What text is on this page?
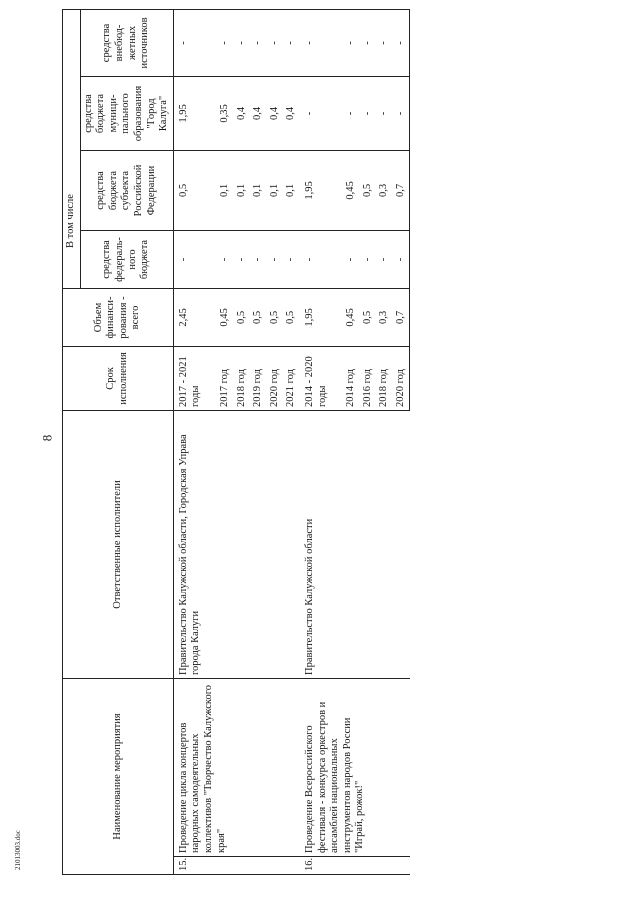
8
21013003.doc
Наименование мероприятия		Ответственные исполнители	Срок исполнения	Объем финанси-рования - всего	В том числе			
					средства федераль-ного бюджета	средства бюджета субъекта Российской Федерации	средства бюджета муници-пального образования "Город Калуга"	средства внебюд-жетных источников
15.	Проведение цикла концертов народных самодеятельных коллективов "Творчество Калужского края"	Правительство Калужской области, Городская Управа города Калуги	2017 - 2021 годы	2,45	-	0,5	1,95	-
			2017 год	0,45	-	0,1	0,35	-
			2018 год	0,5	-	0,1	0,4	-
			2019 год	0,5	-	0,1	0,4	-
			2020 год	0,5	-	0,1	0,4	-
			2021 год	0,5	-	0,1	0,4	-
16.	Проведение Всероссийского фестиваля - конкурса оркестров и ансамблей национальных инструментов народов России "Играй, рожок!"	Правительство Калужской области	2014 - 2020 годы	1,95	-	1,95	-	-
			2014 год	0,45	-	0,45	-	-
			2016 год	0,5	-	0,5	-	-
			2018 год	0,3	-	0,3	-	-
			2020 год	0,7	-	0,7	-	-
